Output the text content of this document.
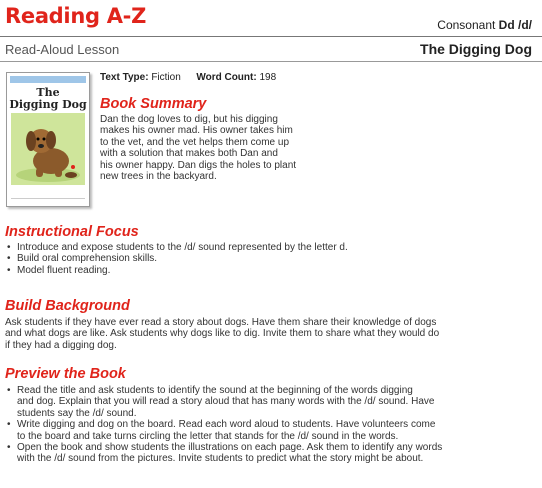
Reading A-Z	Consonant Dd /d/
Read-Aloud Lesson	The Digging Dog
The
Digging Dog
Text Type: Fiction Word Count: 198
Book Summary
Dan the dog loves to dig, but his digging
makes his owner mad. His owner takes him
to the vet, and the vet helps them come up
with a solution that makes both Dan and
his owner happy. Dan digs the holes to plant
new trees in the backyard.
Instructional Focus
• Introduce and expose students to the /d/ sound represented by the letter d.
• Build oral comprehension skills.
• Model fluent reading.
Build Background
Ask students if they have ever read a story about dogs. Have them share their knowledge of dogs
and what dogs are like. Ask students why dogs like to dig. Invite them to share what they would do
if they had a digging dog.
Preview the Book
• Read the title and ask students to identify the sound at the beginning of the words digging
and dog. Explain that you will read a story aloud that has many words with the /d/ sound. Have
students say the /d/ sound.
• Write digging and dog on the board. Read each word aloud to students. Have volunteers come
to the board and take turns circling the letter that stands for the /d/ sound in the words.
• Open the book and show students the illustrations on each page. Ask them to identify any words
with the /d/ sound from the pictures. Invite students to predict what the story might be about.
